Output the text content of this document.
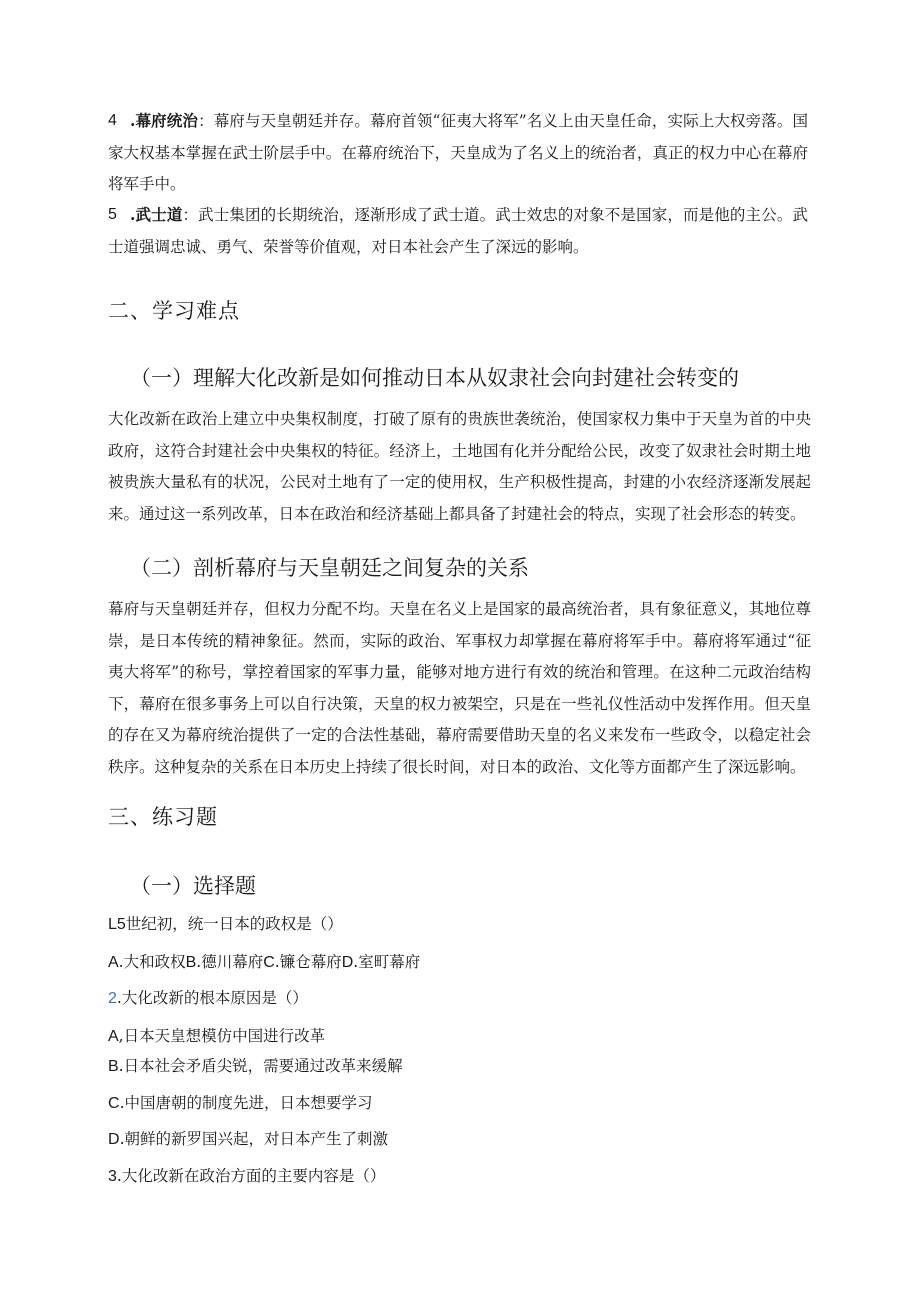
4 .幕府统治：幕府与天皇朝廷并存。幕府首领“征夷大将军”名义上由天皇任命，实际上大权旁落。国家大权基本掌握在武士阶层手中。在幕府统治下，天皇成为了名义上的统治者，真正的权力中心在幕府将军手中。
5 .武士道：武士集团的长期统治，逐渐形成了武士道。武士效忠的对象不是国家，而是他的主公。武士道强调忠诚、勇气、荣誉等价值观，对日本社会产生了深远的影响。
二、学习难点
（一）理解大化改新是如何推动日本从奴隶社会向封建社会转变的

大化改新在政治上建立中央集权制度，打破了原有的贵族世袭统治，使国家权力集中于天皇为首的中央政府，这符合封建社会中央集权的特征。经济上，土地国有化并分配给公民，改变了奴隶社会时期土地被贵族大量私有的状况，公民对土地有了一定的使用权，生产积极性提高，封建的小农经济逐渐发展起来。通过这一系列改革，日本在政治和经济基础上都具备了封建社会的特点，实现了社会形态的转变。

（二）剖析幕府与天皇朝廷之间复杂的关系

幕府与天皇朝廷并存，但权力分配不均。天皇在名义上是国家的最高统治者，具有象征意义，其地位尊崇，是日本传统的精神象征。然而，实际的政治、军事权力却掌握在幕府将军手中。幕府将军通过“征夷大将军”的称号，掌控着国家的军事力量，能够对地方进行有效的统治和管理。在这种二元政治结构下，幕府在很多事务上可以自行决策，天皇的权力被架空，只是在一些礼仪性活动中发挥作用。但天皇的存在又为幕府统治提供了一定的合法性基础，幕府需要借助天皇的名义来发布一些政令，以稳定社会秩序。这种复杂的关系在日本历史上持续了很长时间，对日本的政治、文化等方面都产生了深远影响。

三、练习题
（一）选择题
L5世纪初，统一日本的政权是（）
A.大和政权B.德川幕府C.镰仓幕府D.室町幕府
2.大化改新的根本原因是（）
A,日本天皇想模仿中国进行改革
B.日本社会矛盾尖锐，需要通过改革来缓解
C.中国唐朝的制度先进，日本想要学习
D.朝鲜的新罗国兴起，对日本产生了刺激
3.大化改新在政治方面的主要内容是（）
